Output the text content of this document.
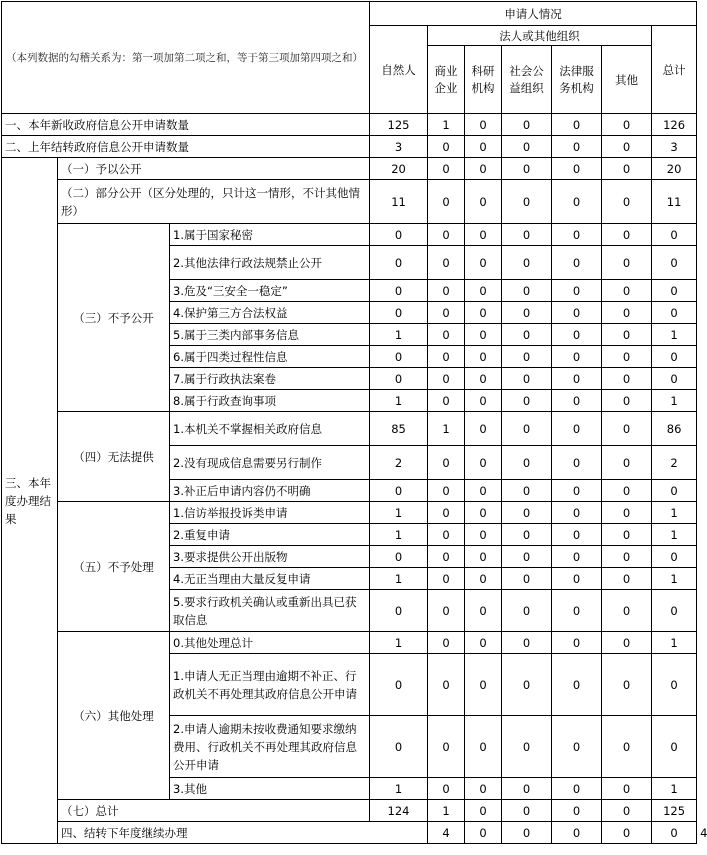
（本列数据的勾稽关系为：第一项加第二项之和，等于第三项加第四项之和）			申请人情况							
			自然人	法人或其他组织					总计	
				商业企业	科研机构	社会公益组织	法律服务机构	其他		
一、本年新收政府信息公开申请数量			125	1	0	0	0	0	126	
二、上年结转政府信息公开申请数量			3	0	0	0	0	0	3	
三、本年度办理结果	（一）予以公开		20	0	0	0	0	0	20	
	（二）部分公开（区分处理的，只计这一情形，不计其他情形）		11	0	0	0	0	0	11	
	（三）不予公开	1.属于国家秘密	0	0	0	0	0	0	0	
		2.其他法律行政法规禁止公开	0	0	0	0	0	0	0	
		3.危及“三安全一稳定”	0	0	0	0	0	0	0	
		4.保护第三方合法权益	0	0	0	0	0	0	0	
		5.属于三类内部事务信息	1	0	0	0	0	0	1	
		6.属于四类过程性信息	0	0	0	0	0	0	0	
		7.属于行政执法案卷	0	0	0	0	0	0	0	
		8.属于行政查询事项	1	0	0	0	0	0	1	
	（四）无法提供	1.本机关不掌握相关政府信息	85	1	0	0	0	0	86	
		2.没有现成信息需要另行制作	2	0	0	0	0	0	2	
		3.补正后申请内容仍不明确	0	0	0	0	0	0	0	
	（五）不予处理	1.信访举报投诉类申请	1	0	0	0	0	0	1	
		2.重复申请	1	0	0	0	0	0	1	
		3.要求提供公开出版物	0	0	0	0	0	0	0	
		4.无正当理由大量反复申请	1	0	0	0	0	0	1	
		5.要求行政机关确认或重新出具已获取信息	0	0	0	0	0	0	0	
	（六）其他处理	0.其他处理总计	1	0	0	0	0	0	1	
		1.申请人无正当理由逾期不补正、行政机关不再处理其政府信息公开申请	0	0	0	0	0	0	0	
		2.申请人逾期未按收费通知要求缴纳费用、行政机关不再处理其政府信息公开申请	0	0	0	0	0	0	0	
		3.其他	1	0	0	0	0	0	1	
	（七）总计		124	1	0	0	0	0	125	
	四、结转下年度继续办理			4	0	0	0	0	0	4
